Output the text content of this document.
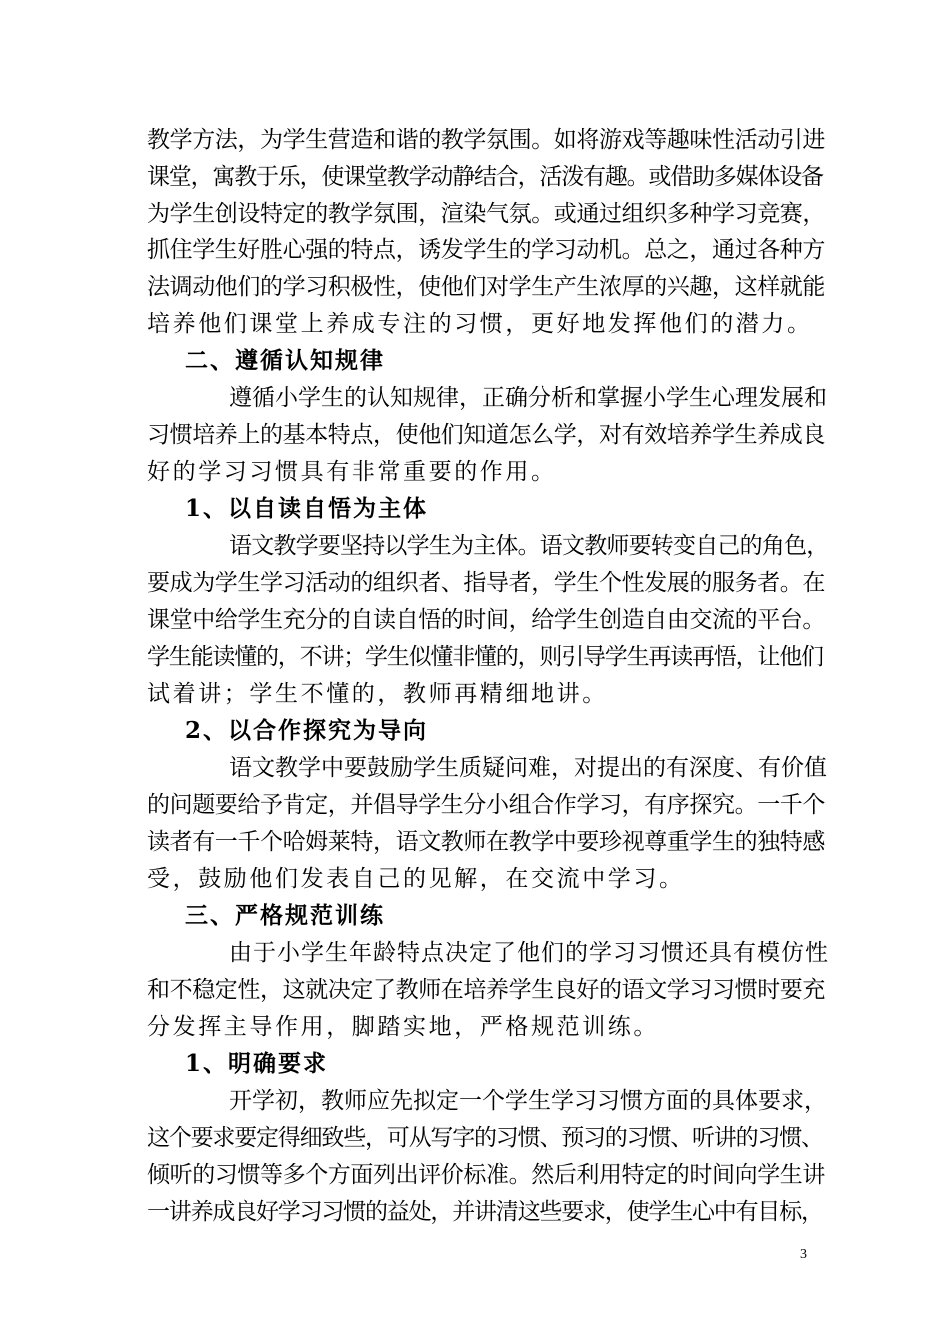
教学方法，为学生营造和谐的教学氛围。如将游戏等趣味性活动引进
课堂，寓教于乐，使课堂教学动静结合，活泼有趣。或借助多媒体设备
为学生创设特定的教学氛围，渲染气氛。或通过组织多种学习竞赛，
抓住学生好胜心强的特点，诱发学生的学习动机。总之，通过各种方
法调动他们的学习积极性，使他们对学生产生浓厚的兴趣，这样就能
培养他们课堂上养成专注的习惯，更好地发挥他们的潜力。
二、遵循认知规律
遵循小学生的认知规律，正确分析和掌握小学生心理发展和
习惯培养上的基本特点，使他们知道怎么学，对有效培养学生养成良
好的学习习惯具有非常重要的作用。
1、以自读自悟为主体
语文教学要坚持以学生为主体。语文教师要转变自己的角色，
要成为学生学习活动的组织者、指导者，学生个性发展的服务者。在
课堂中给学生充分的自读自悟的时间，给学生创造自由交流的平台。
学生能读懂的，不讲；学生似懂非懂的，则引导学生再读再悟，让他们
试着讲；学生不懂的，教师再精细地讲。
2、以合作探究为导向
语文教学中要鼓励学生质疑问难，对提出的有深度、有价值
的问题要给予肯定，并倡导学生分小组合作学习，有序探究。一千个
读者有一千个哈姆莱特，语文教师在教学中要珍视尊重学生的独特感
受，鼓励他们发表自己的见解，在交流中学习。
三、严格规范训练
由于小学生年龄特点决定了他们的学习习惯还具有模仿性
和不稳定性，这就决定了教师在培养学生良好的语文学习习惯时要充
分发挥主导作用，脚踏实地，严格规范训练。
1、明确要求
开学初，教师应先拟定一个学生学习习惯方面的具体要求，
这个要求要定得细致些，可从写字的习惯、预习的习惯、听讲的习惯、
倾听的习惯等多个方面列出评价标准。然后利用特定的时间向学生讲
一讲养成良好学习习惯的益处，并讲清这些要求，使学生心中有目标，
3
